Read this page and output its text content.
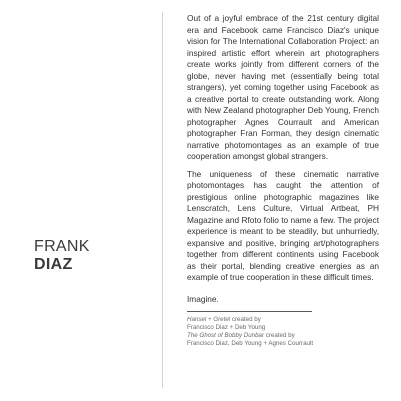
FRANK
DIAZ

Out of a joyful embrace of the 21st century digital era and Facebook came Francisco Diaz's unique vision for The International Collaboration Project: an inspired artistic effort wherein art photographers create works jointly from different corners of the globe, never having met (essentially being total strangers), yet coming together using Facebook as a creative portal to create outstanding work. Along with New Zealand photographer Deb Young, French photographer Agnes Courrault and American photographer Fran Forman, they design cinematic narrative photomontages as an example of true cooperation amongst global strangers.

The uniqueness of these cinematic narrative photomontages has caught the attention of prestigious online photographic magazines like Lenscratch, Lens Culture, Virtual Artbeat, PH Magazine and Rfoto folio to name a few. The project experience is meant to be steadily, but unhurriedly, expansive and positive, bringing art/photographers together from different continents using Facebook as their portal, blending creative energies as an example of true cooperation in these difficult times.

Imagine.

Hansel + Gretel created by
Francisco Diaz + Deb Young
The Ghost of Bobby Dunbar created by
Francisco Diaz, Deb Young + Agnes Courrault
